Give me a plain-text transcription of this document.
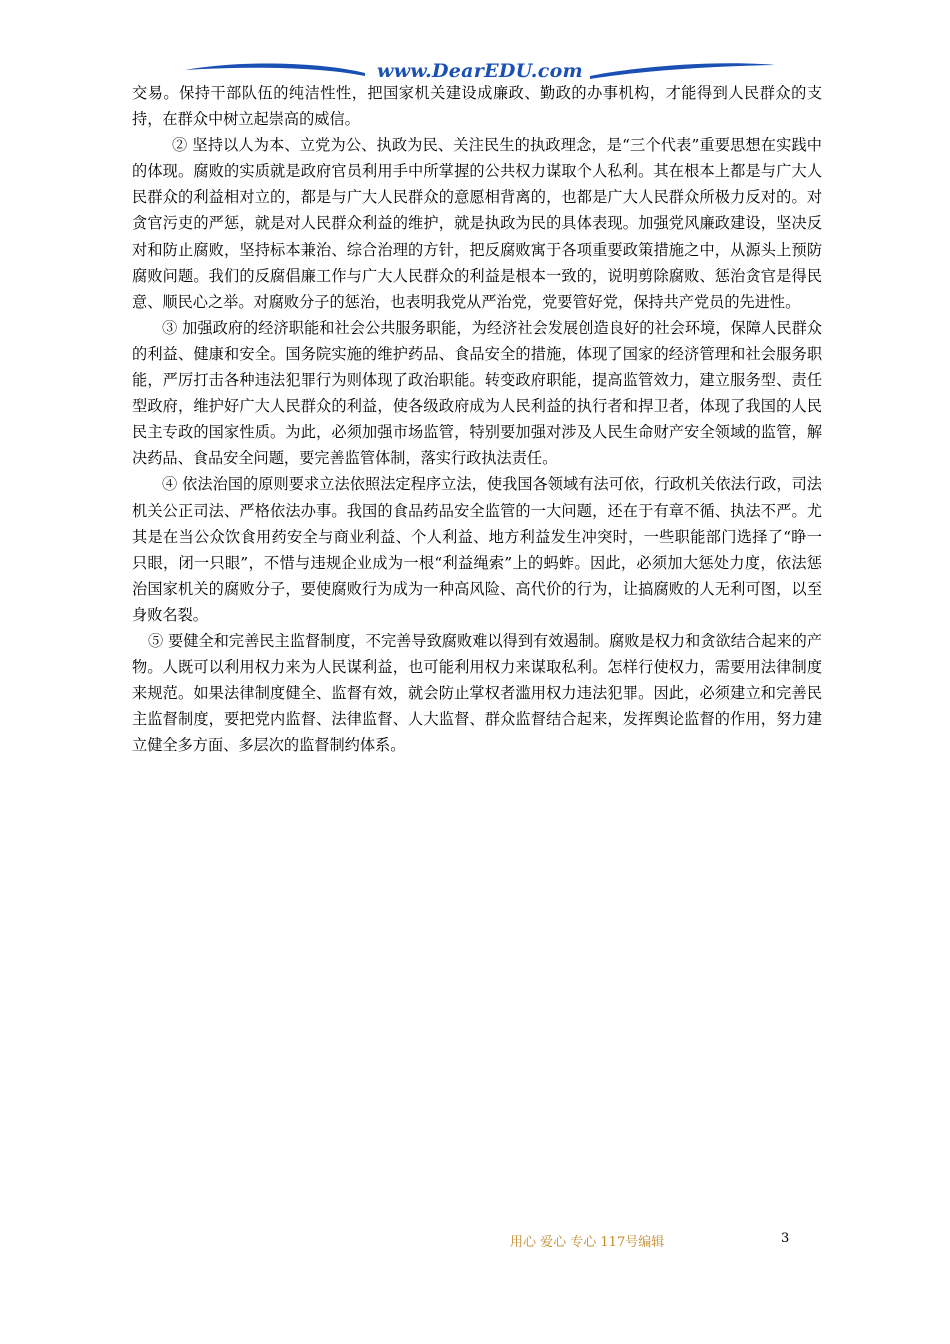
www.DearEDU.com

交易。保持干部队伍的纯洁性性，把国家机关建设成廉政、勤政的办事机构，才能得到人民群众的支持，在群众中树立起崇高的威信。

② 坚持以人为本、立党为公、执政为民、关注民生的执政理念，是“三个代表”重要思想在实践中的体现。腐败的实质就是政府官员利用手中所掌握的公共权力谋取个人私利。其在根本上都是与广大人民群众的利益相对立的，都是与广大人民群众的意愿相背离的，也都是广大人民群众所极力反对的。对贪官污吏的严惩，就是对人民群众利益的维护，就是执政为民的具体表现。加强党风廉政建设，坚决反对和防止腐败，坚持标本兼治、综合治理的方针，把反腐败寓于各项重要政策措施之中，从源头上预防腐败问题。我们的反腐倡廉工作与广大人民群众的利益是根本一致的，说明剪除腐败、惩治贪官是得民意、顺民心之举。对腐败分子的惩治，也表明我党从严治党，党要管好党，保持共产党员的先进性。

③ 加强政府的经济职能和社会公共服务职能，为经济社会发展创造良好的社会环境，保障人民群众的利益、健康和安全。国务院实施的维护药品、食品安全的措施，体现了国家的经济管理和社会服务职能，严厉打击各种违法犯罪行为则体现了政治职能。转变政府职能，提高监管效力，建立服务型、责任型政府，维护好广大人民群众的利益，使各级政府成为人民利益的执行者和捍卫者，体现了我国的人民民主专政的国家性质。为此，必须加强市场监管，特别要加强对涉及人民生命财产安全领域的监管，解决药品、食品安全问题，要完善监管体制，落实行政执法责任。

④ 依法治国的原则要求立法依照法定程序立法，使我国各领域有法可依，行政机关依法行政，司法机关公正司法、严格依法办事。我国的食品药品安全监管的一大问题，还在于有章不循、执法不严。尤其是在当公众饮食用药安全与商业利益、个人利益、地方利益发生冲突时，一些职能部门选择了“睁一只眼，闭一只眼”，不惜与违规企业成为一根“利益绳索”上的蚂蚱。因此，必须加大惩处力度，依法惩治国家机关的腐败分子，要使腐败行为成为一种高风险、高代价的行为，让搞腐败的人无利可图，以至身败名裂。

⑤ 要健全和完善民主监督制度，不完善导致腐败难以得到有效遏制。腐败是权力和贪欲结合起来的产物。人既可以利用权力来为人民谋利益，也可能利用权力来谋取私利。怎样行使权力，需要用法律制度来规范。如果法律制度健全、监督有效，就会防止掌权者滥用权力违法犯罪。因此，必须建立和完善民主监督制度，要把党内监督、法律监督、人大监督、群众监督结合起来，发挥舆论监督的作用，努力建立健全多方面、多层次的监督制约体系。

用心 爱心 专心 117号编辑	3
